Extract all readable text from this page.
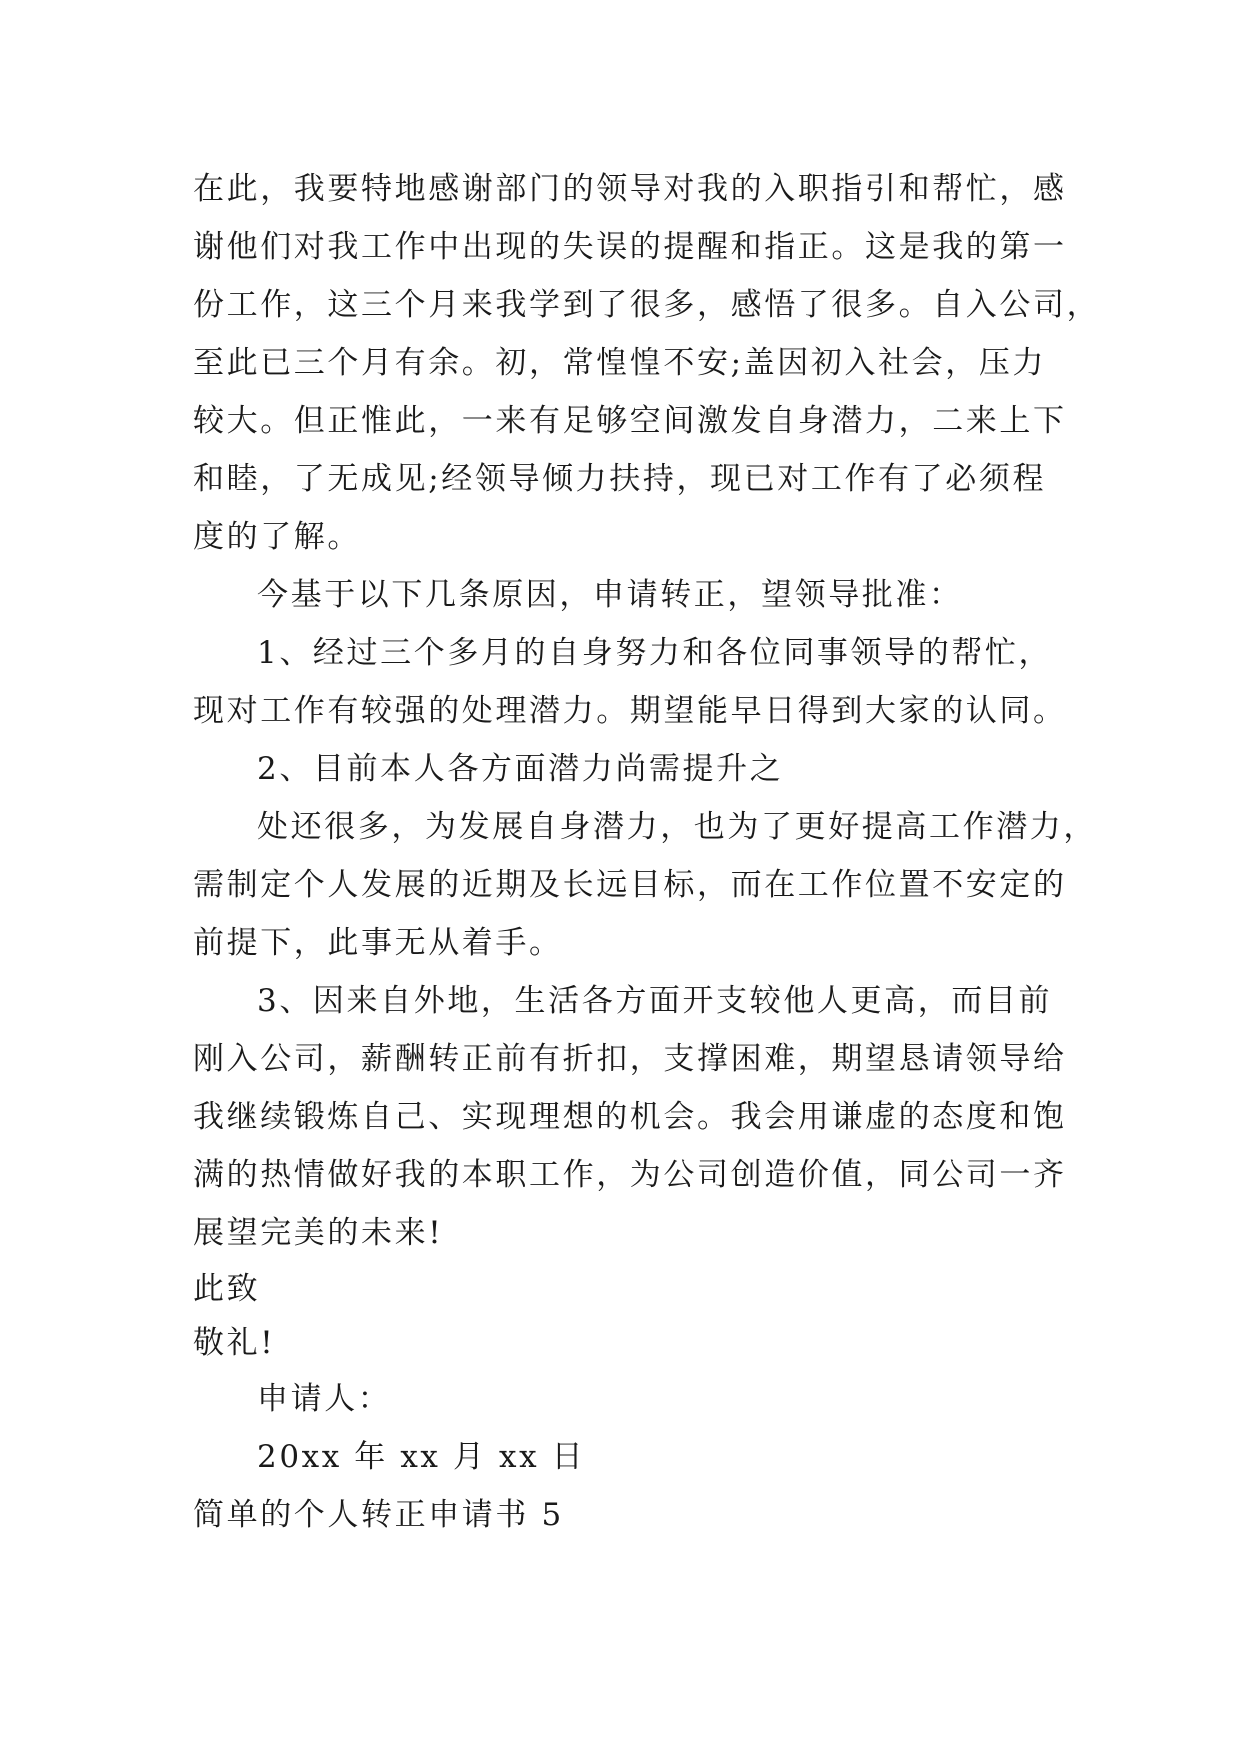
在此，我要特地感谢部门的领导对我的入职指引和帮忙，感
谢他们对我工作中出现的失误的提醒和指正。这是我的第一
份工作，这三个月来我学到了很多，感悟了很多。自入公司，
至此已三个月有余。初，常惶惶不安;盖因初入社会，压力
较大。但正惟此，一来有足够空间激发自身潜力，二来上下
和睦，了无成见;经领导倾力扶持，现已对工作有了必须程
度的了解。
今基于以下几条原因，申请转正，望领导批准：
1、经过三个多月的自身努力和各位同事领导的帮忙，
现对工作有较强的处理潜力。期望能早日得到大家的认同。
2、目前本人各方面潜力尚需提升之
处还很多，为发展自身潜力，也为了更好提高工作潜力，
需制定个人发展的近期及长远目标，而在工作位置不安定的
前提下，此事无从着手。
3、因来自外地，生活各方面开支较他人更高，而目前
刚入公司，薪酬转正前有折扣，支撑困难，期望恳请领导给
我继续锻炼自己、实现理想的机会。我会用谦虚的态度和饱
满的热情做好我的本职工作，为公司创造价值，同公司一齐
展望完美的未来!
此致
敬礼!
申请人：
20xx 年 xx 月 xx 日
简单的个人转正申请书 5
